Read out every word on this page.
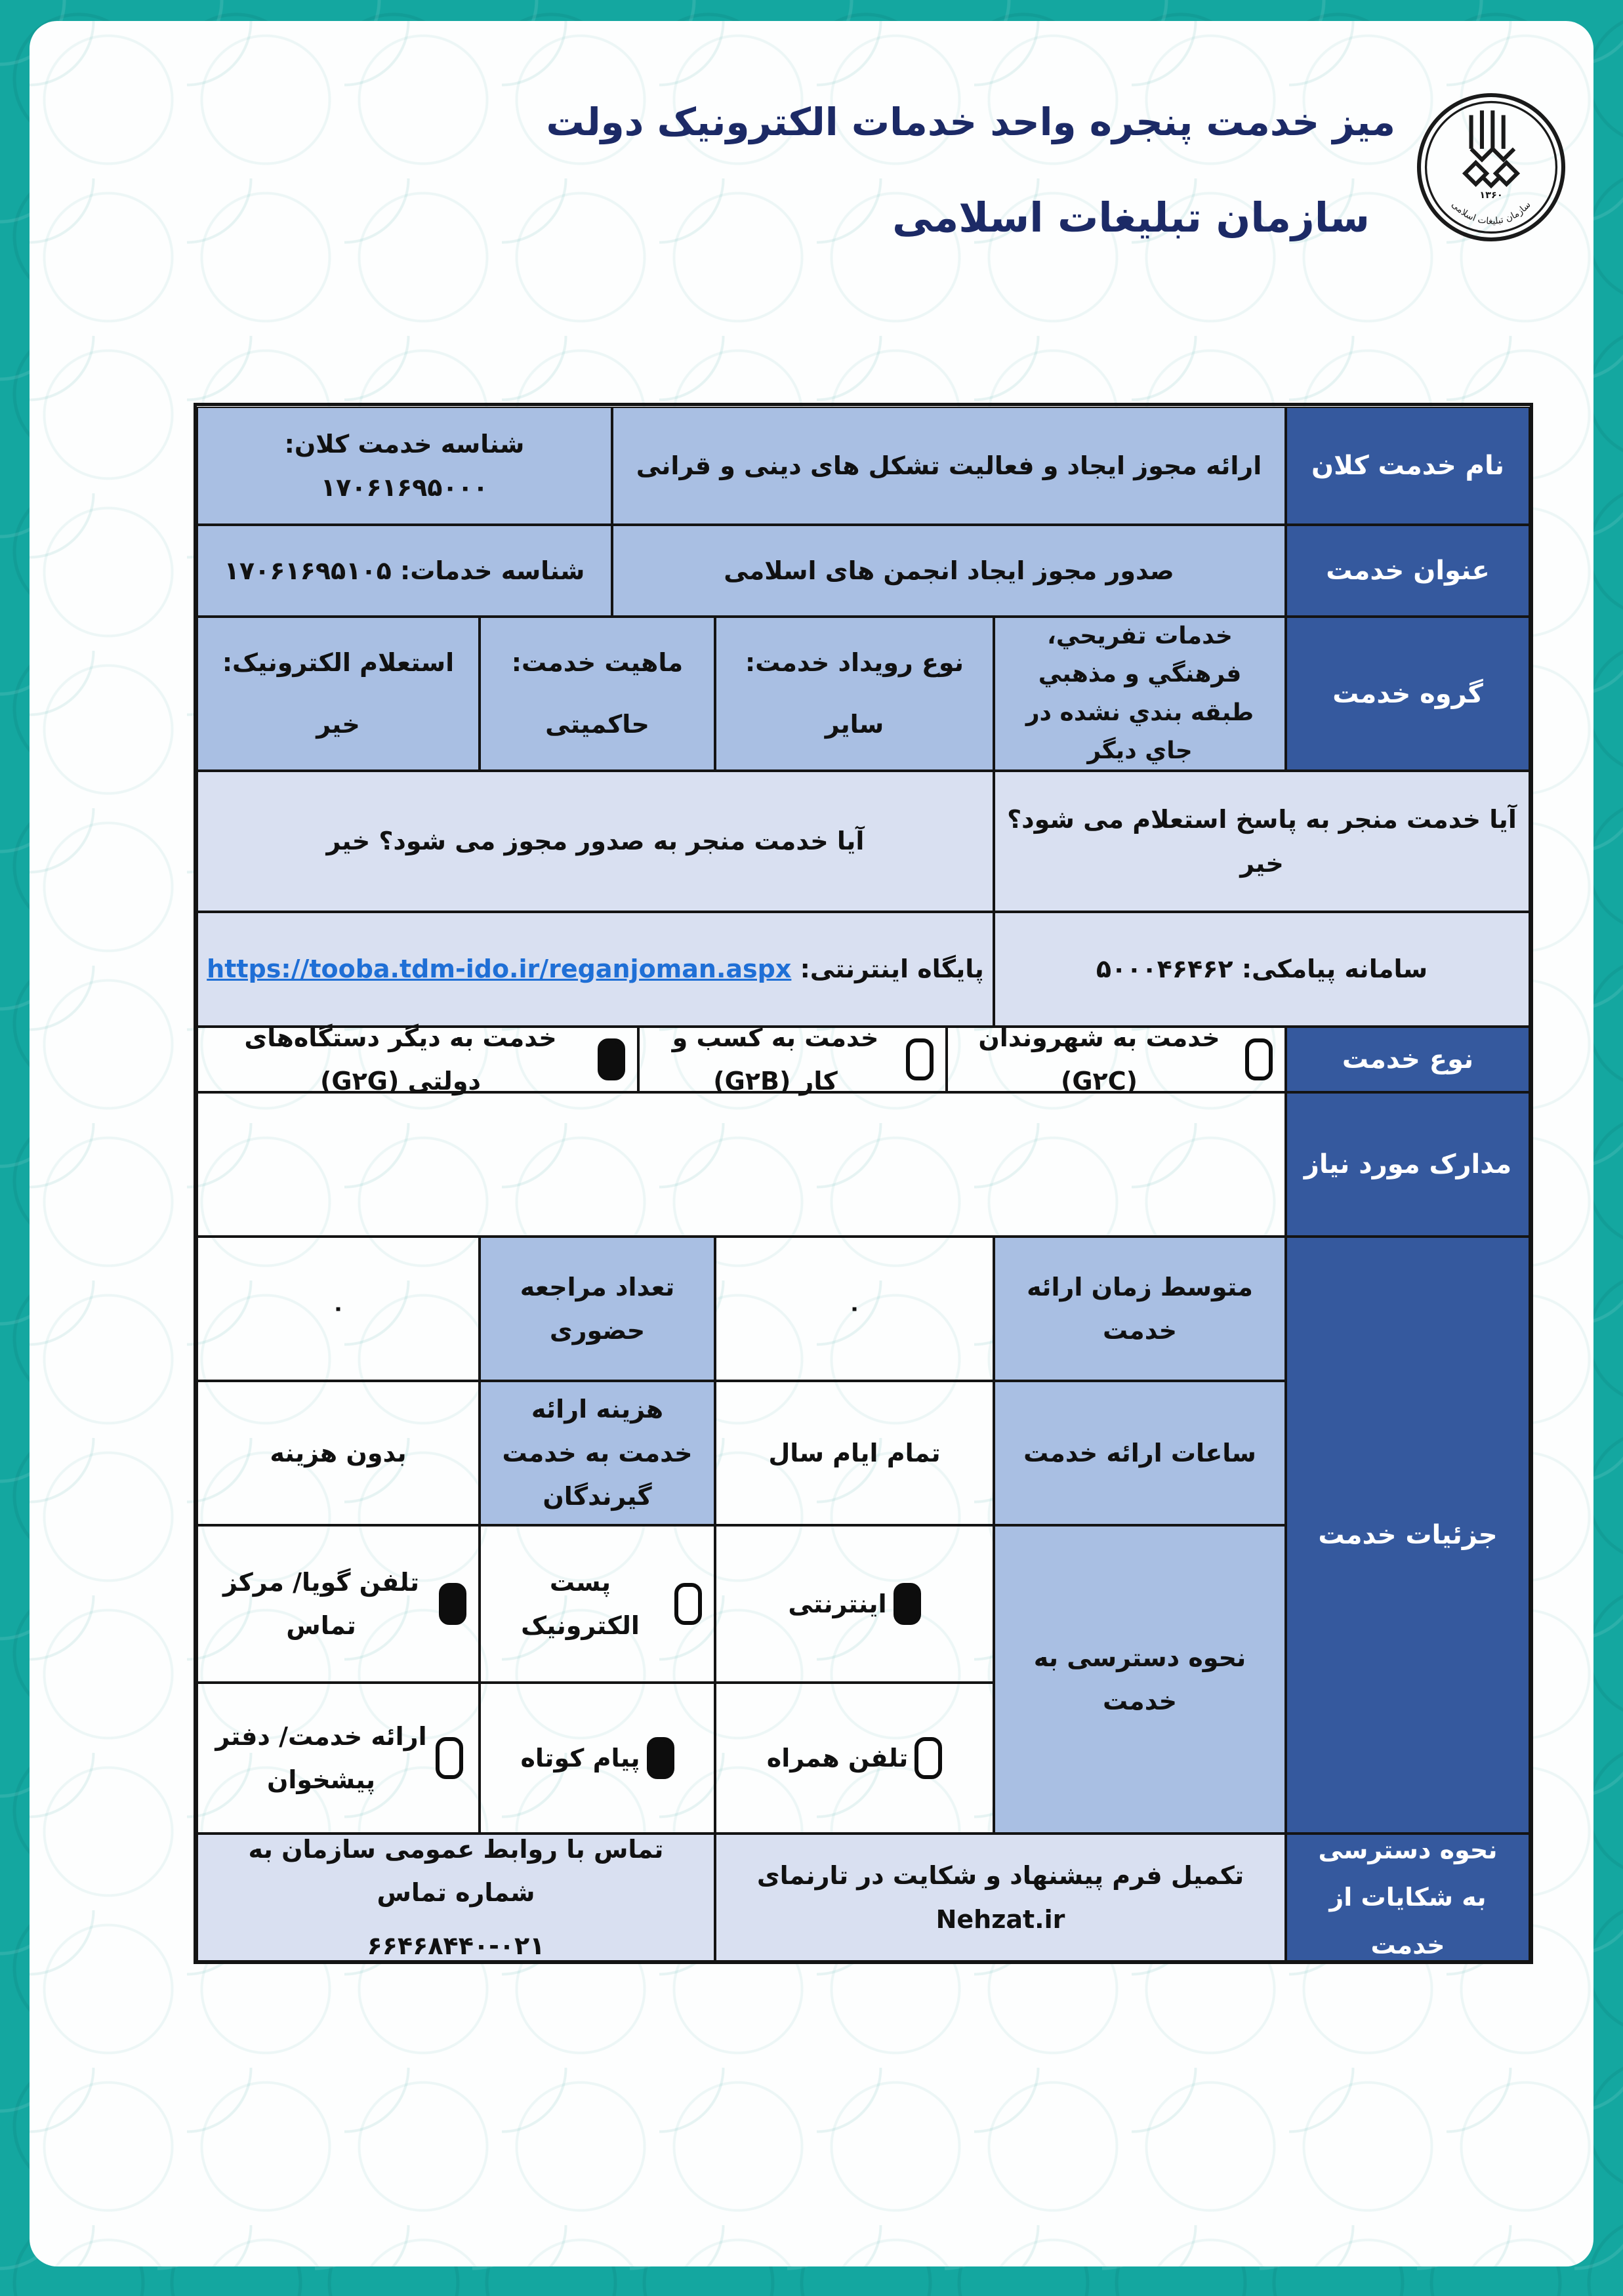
میز خدمت پنجره واحد خدمات الکترونیک دولت
سازمان تبلیغات اسلامی	۱۳۶۰
سازمان تبلیغات اسلامی
نام خدمت کلان
ارائه مجوز ایجاد و فعالیت تشکل های دینی و قرانی
شناسه خدمت کلان: ۱۷۰۶۱۶۹۵۰۰۰
عنوان خدمت
صدور مجوز ایجاد انجمن های اسلامی
شناسه خدمات: ۱۷۰۶۱۶۹۵۱۰۵
گروه خدمت
خدمات تفريحي، فرهنگي و مذهبي طبقه بندي نشده در جاي ديگر
نوع رویداد خدمت:
سایر
ماهیت خدمت:
حاکمیتی
استعلام الکترونیک:
خیر
آیا خدمت منجر به پاسخ استعلام می شود؟ خیر
آیا خدمت منجر به صدور مجوز می شود؟ خیر
سامانه پیامکی: ۵۰۰۰۴۶۴۶۲
پایگاه اینترنتی: https://tooba.tdm-ido.ir/reganjoman.aspx
نوع خدمت
خدمت به شهروندان (G۲C)
خدمت به کسب و کار (G۲B)
خدمت به دیگر دستگاه‌های دولتی (G۲G)
مدارک مورد نیاز
جزئیات خدمت
متوسط زمان ارائه خدمت
۰
تعداد مراجعه حضوری
۰
ساعات ارائه خدمت
تمام ایام سال
هزینه ارائه خدمت به خدمت گیرندگان
بدون هزینه
نحوه دسترسی به خدمت
اینترنتی
پست الکترونیک
تلفن گویا/ مرکز تماس
تلفن همراه
پیام کوتاه
ارائه خدمت/ دفتر پیشخوان
نحوه دسترسی به شکایات از خدمت
تکمیل فرم پیشنهاد و شکایت در تارنمای Nehzat.ir
تماس با روابط عمومی سازمان به شماره تماس
۶۶۴۶۸۴۴۰-۰۲۱
